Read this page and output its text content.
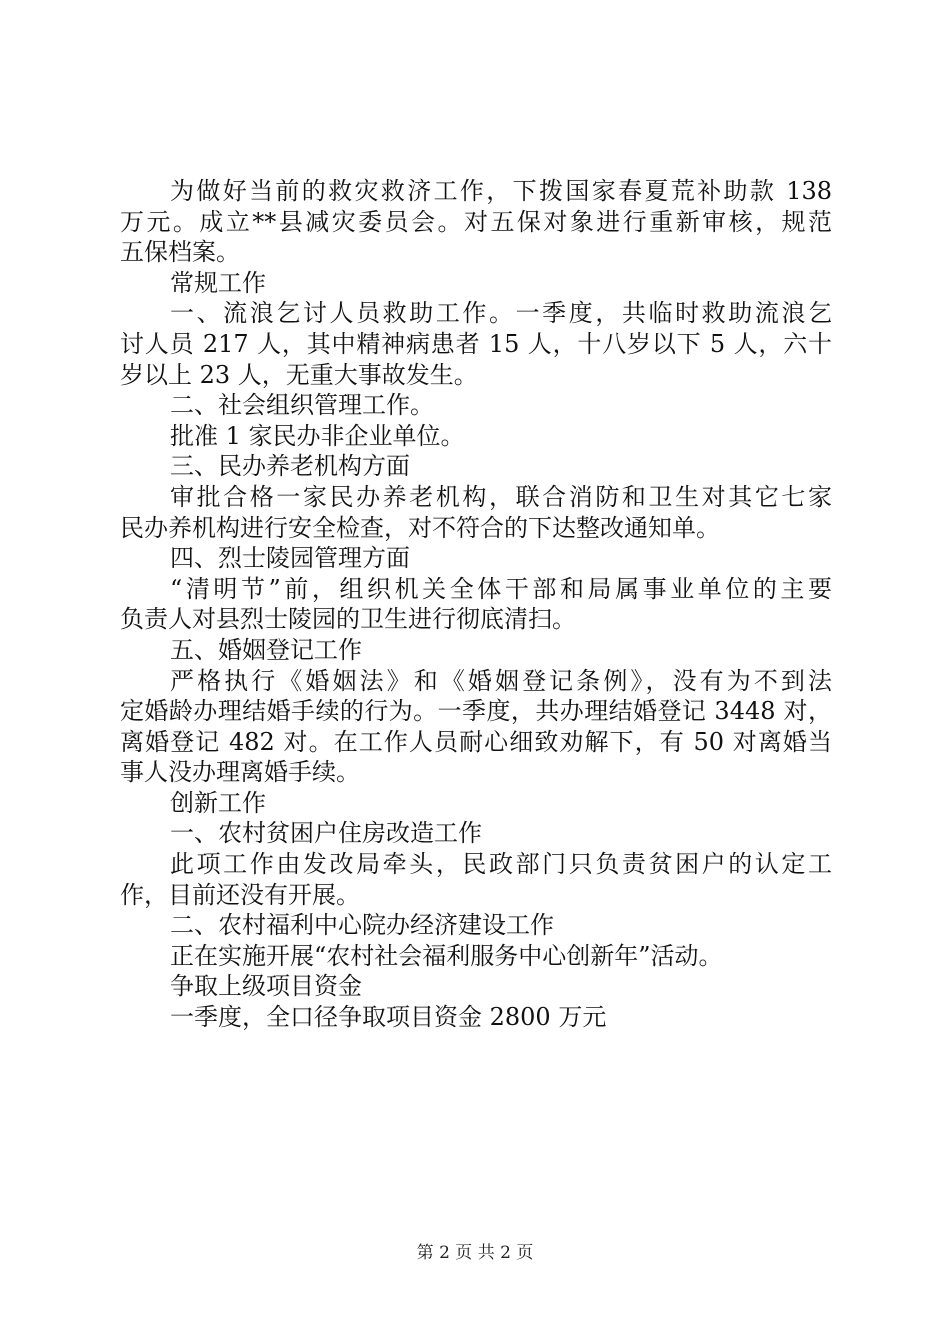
为做好当前的救灾救济工作，下拨国家春夏荒补助款 138
万元。成立**县减灾委员会。对五保对象进行重新审核，规范
五保档案。
常规工作
一、流浪乞讨人员救助工作。一季度，共临时救助流浪乞
讨人员 217 人，其中精神病患者 15 人，十八岁以下 5 人，六十
岁以上 23 人，无重大事故发生。
二、社会组织管理工作。
批准 1 家民办非企业单位。
三、民办养老机构方面
审批合格一家民办养老机构，联合消防和卫生对其它七家
民办养机构进行安全检查，对不符合的下达整改通知单。
四、烈士陵园管理方面
“清明节”前，组织机关全体干部和局属事业单位的主要
负责人对县烈士陵园的卫生进行彻底清扫。
五、婚姻登记工作
严格执行《婚姻法》和《婚姻登记条例》，没有为不到法
定婚龄办理结婚手续的行为。一季度，共办理结婚登记 3448 对，
离婚登记 482 对。在工作人员耐心细致劝解下，有 50 对离婚当
事人没办理离婚手续。
创新工作
一、农村贫困户住房改造工作
此项工作由发改局牵头，民政部门只负责贫困户的认定工
作，目前还没有开展。
二、农村福利中心院办经济建设工作
正在实施开展“农村社会福利服务中心创新年”活动。
争取上级项目资金
一季度，全口径争取项目资金 2800 万元
第 2 页 共 2 页
